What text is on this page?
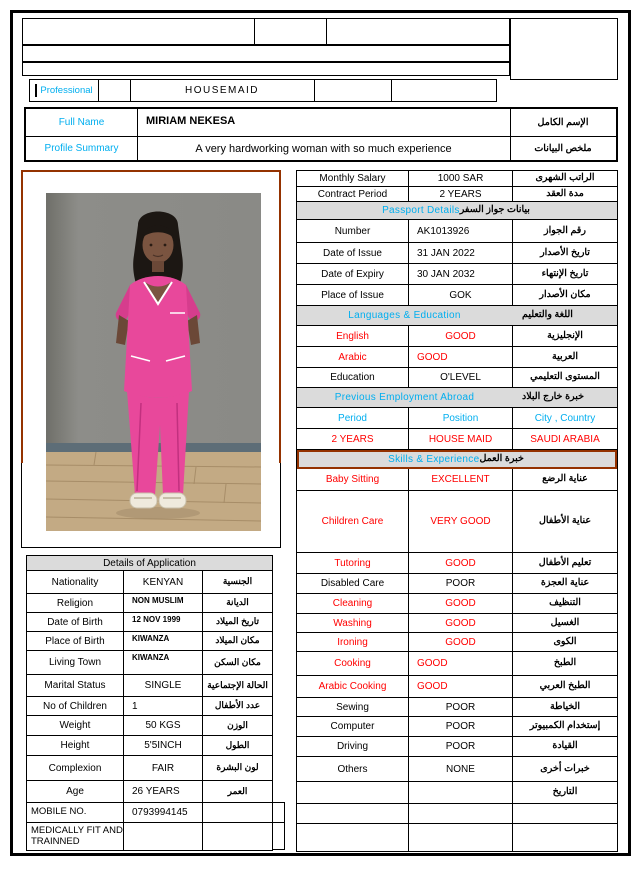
Professional	HOUSEMAID
Full Name	MIRIAM NEKESA	الإسم الكامل
Profile Summary	A very hardworking woman with so much experience	ملخص البيانات
Monthly Salary	1000 SAR	الراتب الشهرى
Contract Period	2 YEARS	مدة العقد
Passport Details بيانات جواز السفر
Number	AK1013926	رقم الجواز
Date of Issue	31 JAN 2022	تاريخ الأصدار
Date of Expiry	30 JAN 2032	تاريخ الإنتهاء
Place of Issue	GOK	مكان الأصدار
Languages & Education	اللغة والتعليم
English	GOOD	الإنجليزية
Arabic	GOOD	العربية
Education	O'LEVEL	المستوى التعليمي
Previous Employment Abroad	خبرة خارج البلاد
Period	Position	City , Country
2 YEARS	HOUSE MAID	SAUDI ARABIA
Skills & Experience خبرة العمل
Baby Sitting	EXCELLENT	عناية الرضع
Children Care	VERY GOOD	عناية الأطفال
Tutoring	GOOD	تعليم الأطفال
Disabled Care	POOR	عناية العجزة
Cleaning	GOOD	التنظيف
Washing	GOOD	الغسيل
Ironing	GOOD	الكوى
Cooking	GOOD	الطبخ
Arabic Cooking	GOOD	الطبخ العربي
Sewing	POOR	الخياطة
Computer	POOR	إستخدام الكمبيوتر
Driving	POOR	القيادة
Others	NONE	خبرات أخرى
التاريخ
Details of Application
Nationality	KENYAN	الجنسية
Religion	NON MUSLIM	الديانة
Date of Birth	12 NOV 1999	تاريخ الميلاد
Place of Birth	KIWANZA	مكان الميلاد
Living Town	KIWANZA	مكان السكن
Marital Status	SINGLE	الحالة الإجتماعية
No of Children	1	عدد الأطفال
Weight	50 KGS	الوزن
Height	5'5INCH	الطول
Complexion	FAIR	لون البشرة
Age	26 YEARS	العمر
MOBILE NO.	0793994145
MEDICALLY FIT AND TRAINNED
